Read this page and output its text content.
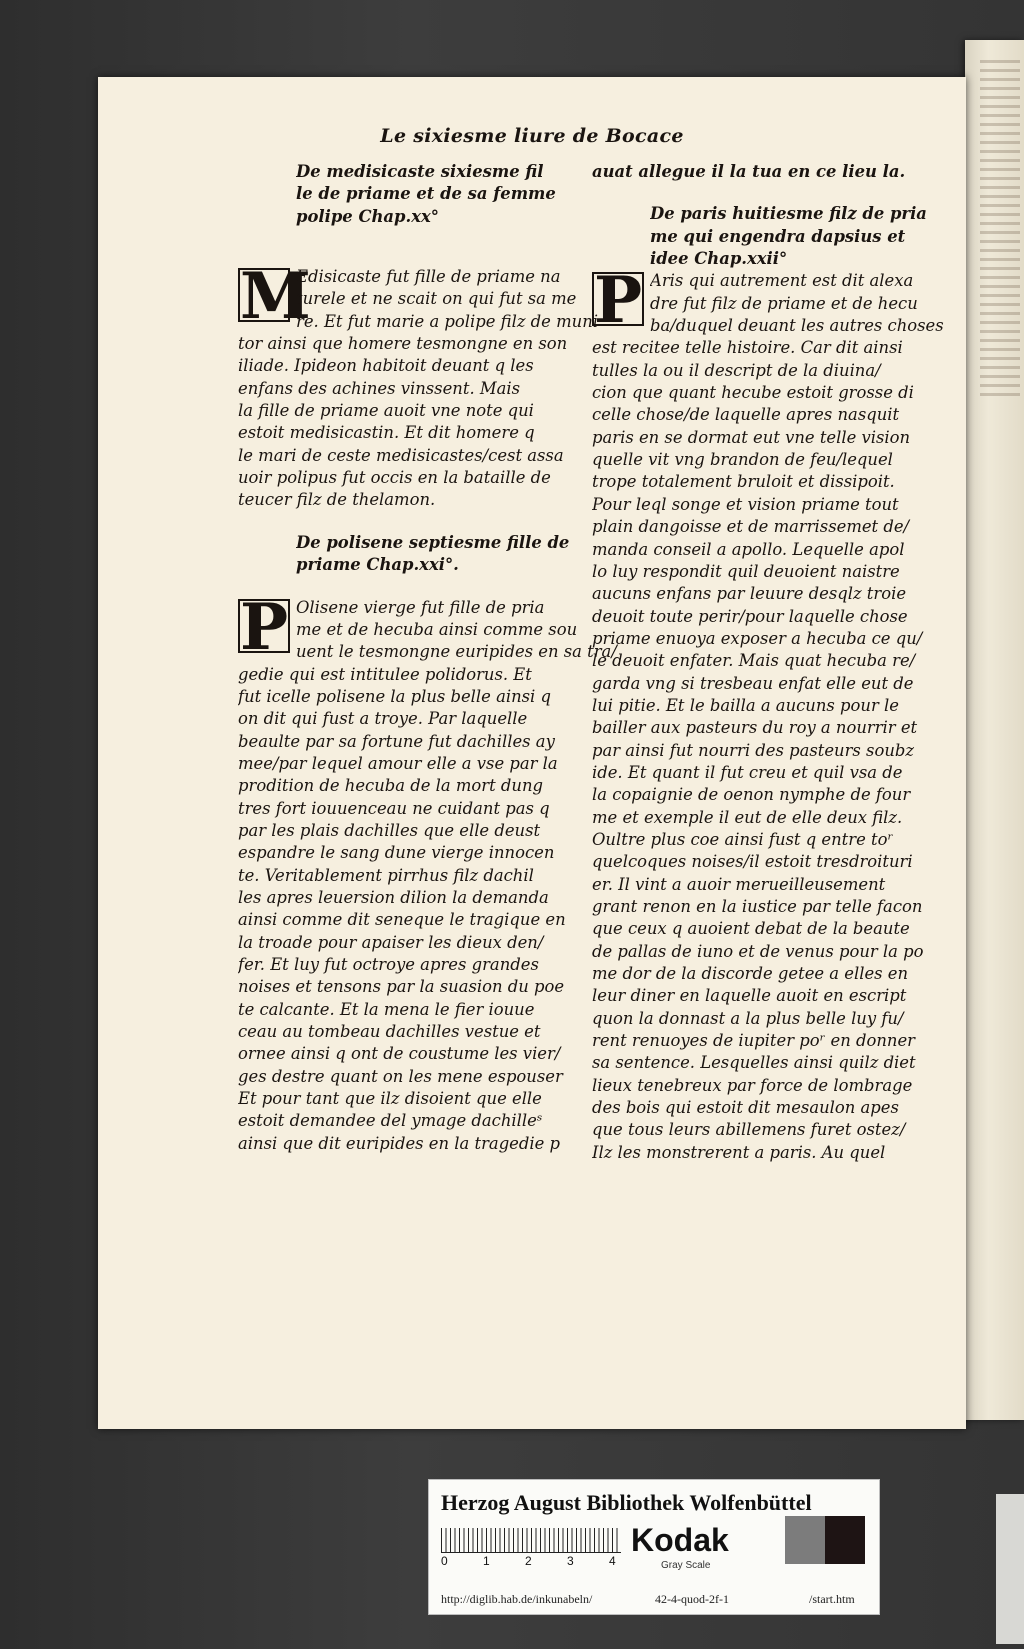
Le sixiesme liure de Bocace
De medisicaste sixiesme fil
le de priame et de sa femme
polipe Chap.xx°
M
Edisicaste fut fille de priame na
turele et ne scait on qui fut sa me
re. Et fut marie a polipe filz de muni
tor ainsi que homere tesmongne en son
iliade. Ipideon habitoit deuant q les
enfans des achines vinssent. Mais
la fille de priame auoit vne note qui
estoit medisicastin. Et dit homere q
le mari de ceste medisicastes/cest assa
uoir polipus fut occis en la bataille de
teucer filz de thelamon.
De polisene septiesme fille de
priame Chap.xxi°.
P Olisene vierge fut fille de pria
me et de hecuba ainsi comme sou
uent le tesmongne euripides en sa tra/
gedie qui est intitulee polidorus. Et
fut icelle polisene la plus belle ainsi q
on dit qui fust a troye. Par laquelle
beaulte par sa fortune fut dachilles ay
mee/par lequel amour elle a vse par la
prodition de hecuba de la mort dung
tres fort iouuenceau ne cuidant pas q
par les plais dachilles que elle deust
espandre le sang dune vierge innocen
te. Veritablement pirrhus filz dachil
les apres leuersion dilion la demanda
ainsi comme dit seneque le tragique en
la troade pour apaiser les dieux den/
fer. Et luy fut octroye apres grandes
noises et tensons par la suasion du poe
te calcante. Et la mena le fier iouue
ceau au tombeau dachilles vestue et
ornee ainsi q ont de coustume les vier/
ges destre quant on les mene espouser
Et pour tant que ilz disoient que elle
estoit demandee del ymage dachilleˢ
ainsi que dit euripides en la tragedie p
auat allegue il la tua en ce lieu la.
De paris huitiesme filz de pria
me qui engendra dapsius et
idee Chap.xxii°
P Aris qui autrement est dit alexa
dre fut filz de priame et de hecu
ba/duquel deuant les autres choses
est recitee telle histoire. Car dit ainsi
tulles la ou il descript de la diuina/
cion que quant hecube estoit grosse di
celle chose/de laquelle apres nasquit
paris en se dormat eut vne telle vision
quelle vit vng brandon de feu/lequel
trope totalement bruloit et dissipoit.
Pour leql songe et vision priame tout
plain dangoisse et de marrissemet de/
manda conseil a apollo. Lequelle apol
lo luy respondit quil deuoient naistre
aucuns enfans par leuure desqlz troie
deuoit toute perir/pour laquelle chose
priame enuoya exposer a hecuba ce qu/
le deuoit enfater. Mais quat hecuba re/
garda vng si tresbeau enfat elle eut de
lui pitie. Et le bailla a aucuns pour le
bailler aux pasteurs du roy a nourrir et
par ainsi fut nourri des pasteurs soubz
ide. Et quant il fut creu et quil vsa de
la copaignie de oenon nymphe de four
me et exemple il eut de elle deux filz.
Oultre plus coe ainsi fust q entre toʳ
quelcoques noises/il estoit tresdroituri
er. Il vint a auoir merueilleusement
grant renon en la iustice par telle facon
que ceux q auoient debat de la beaute
de pallas de iuno et de venus pour la po
me dor de la discorde getee a elles en
leur diner en laquelle auoit en escript
quon la donnast a la plus belle luy fu/
rent renuoyes de iupiter poʳ en donner
sa sentence. Lesquelles ainsi quilz diet
lieux tenebreux par force de lombrage
des bois qui estoit dit mesaulon apes
que tous leurs abillemens furet ostez/
Ilz les monstrerent a paris. Au quel
Herzog August Bibliothek Wolfenbüttel
0	1	2	3	4
Kodak
Gray Scale
http://diglib.hab.de/inkunabeln/	42-4-quod-2f-1	/start.htm
